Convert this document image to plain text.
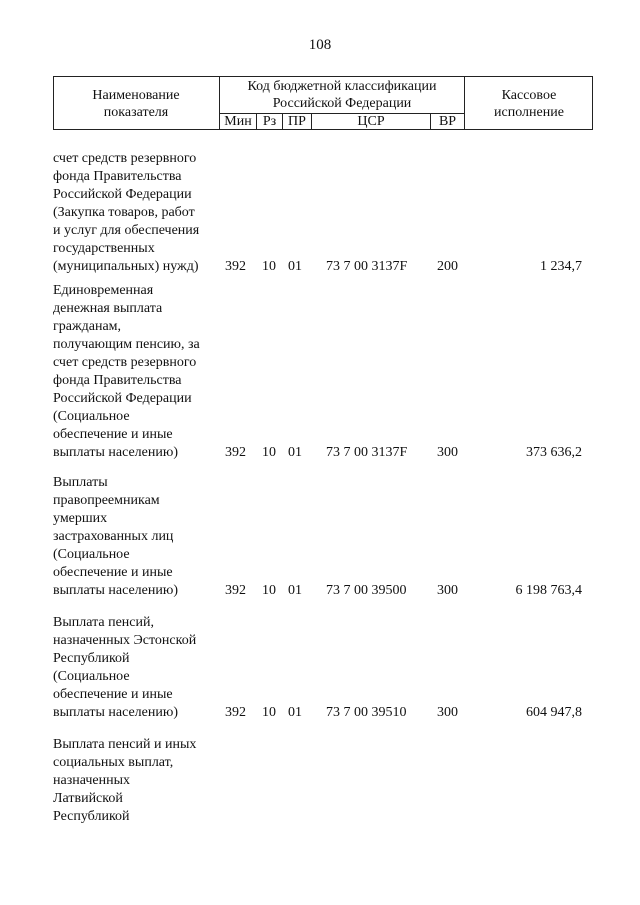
108
Наименование показателя
Код бюджетной классификации Российской Федерации
Мин Рз ПР	ЦСР	ВР
Кассовое исполнение
счет средств резервного
фонда Правительства
Российской Федерации
(Закупка товаров, работ
и услуг для обеспечения
государственных
(муниципальных) нужд)	392 10 01 73 7 00 3137F 200	1 234,7
Единовременная
денежная выплата
гражданам,
получающим пенсию, за
счет средств резервного
фонда Правительства
Российской Федерации
(Социальное
обеспечение и иные
выплаты населению)	392 10 01 73 7 00 3137F 300	373 636,2
Выплаты
правопреемникам
умерших
застрахованных лиц
(Социальное
обеспечение и иные
выплаты населению)	392 10 01 73 7 00 39500 300	6 198 763,4
Выплата пенсий,
назначенных Эстонской
Республикой
(Социальное
обеспечение и иные
выплаты населению)	392 10 01 73 7 00 39510 300	604 947,8
Выплата пенсий и иных
социальных выплат,
назначенных
Латвийской
Республикой
